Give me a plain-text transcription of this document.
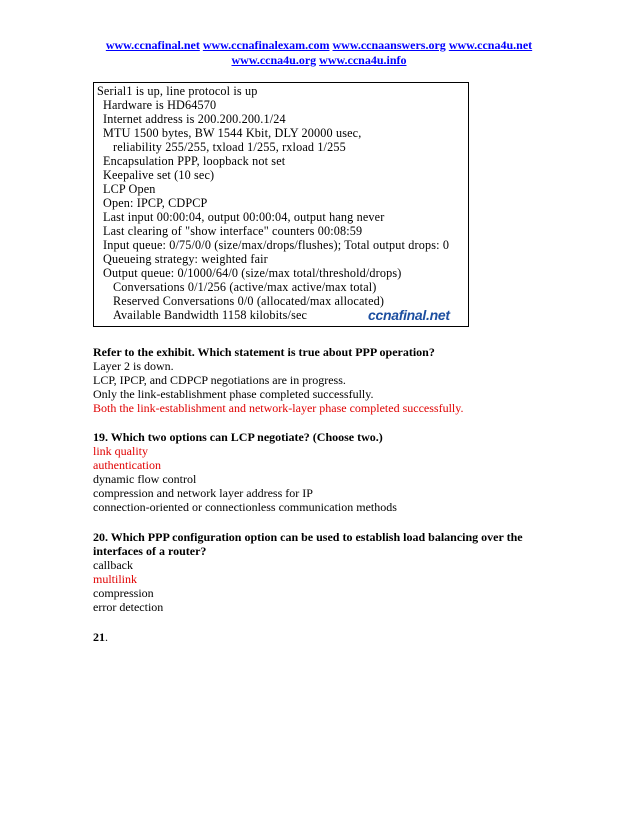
www.ccnafinal.net www.ccnafinalexam.com www.ccnaanswers.org www.ccna4u.net
www.ccna4u.org www.ccna4u.info
Serial1 is up, line protocol is up
Hardware is HD64570
Internet address is 200.200.200.1/24
MTU 1500 bytes, BW 1544 Kbit, DLY 20000 usec,
reliability 255/255, txload 1/255, rxload 1/255
Encapsulation PPP, loopback not set
Keepalive set (10 sec)
LCP Open
Open: IPCP, CDPCP
Last input 00:00:04, output 00:00:04, output hang never
Last clearing of "show interface" counters 00:08:59
Input queue: 0/75/0/0 (size/max/drops/flushes); Total output drops: 0
Queueing strategy: weighted fair
Output queue: 0/1000/64/0 (size/max total/threshold/drops)
Conversations 0/1/256 (active/max active/max total)
Reserved Conversations 0/0 (allocated/max allocated)
Available Bandwidth 1158 kilobits/sec	ccnafinal.net
Refer to the exhibit. Which statement is true about PPP operation?
Layer 2 is down.
LCP, IPCP, and CDPCP negotiations are in progress.
Only the link-establishment phase completed successfully.
Both the link-establishment and network-layer phase completed successfully.
19. Which two options can LCP negotiate? (Choose two.)
link quality
authentication
dynamic flow control
compression and network layer address for IP
connection-oriented or connectionless communication methods
20. Which PPP configuration option can be used to establish load balancing over the
interfaces of a router?
callback
multilink
compression
error detection
21.
